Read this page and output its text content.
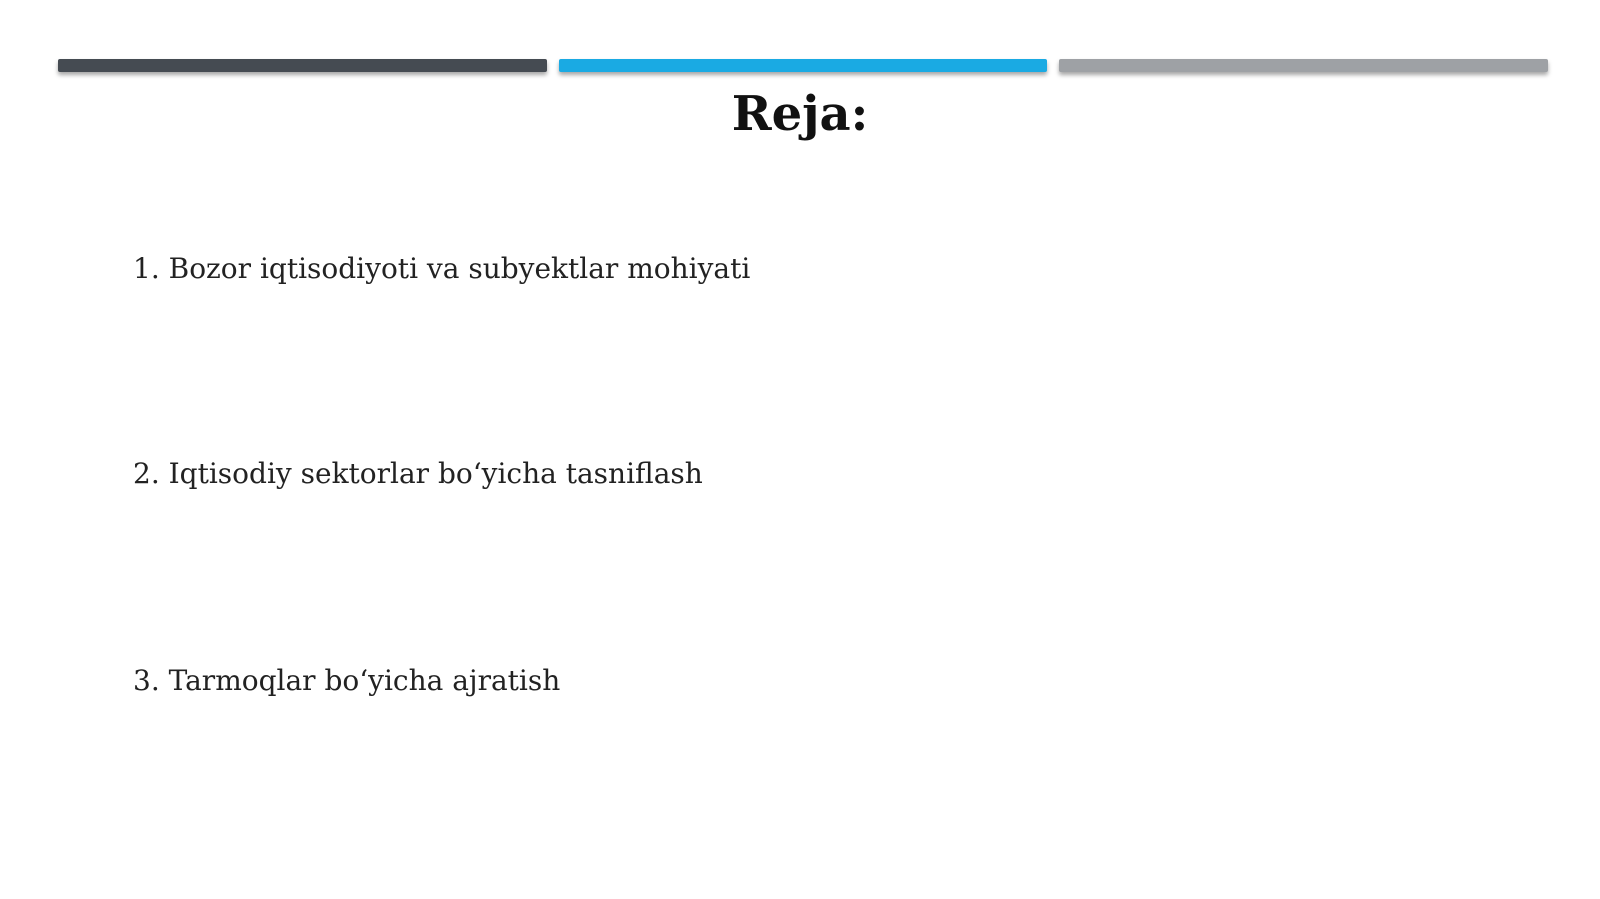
Reja:
1. Bozor iqtisodiyoti va subyektlar mohiyati
2. Iqtisodiy sektorlar bo‘yicha tasniflash
3. Tarmoqlar bo‘yicha ajratish
